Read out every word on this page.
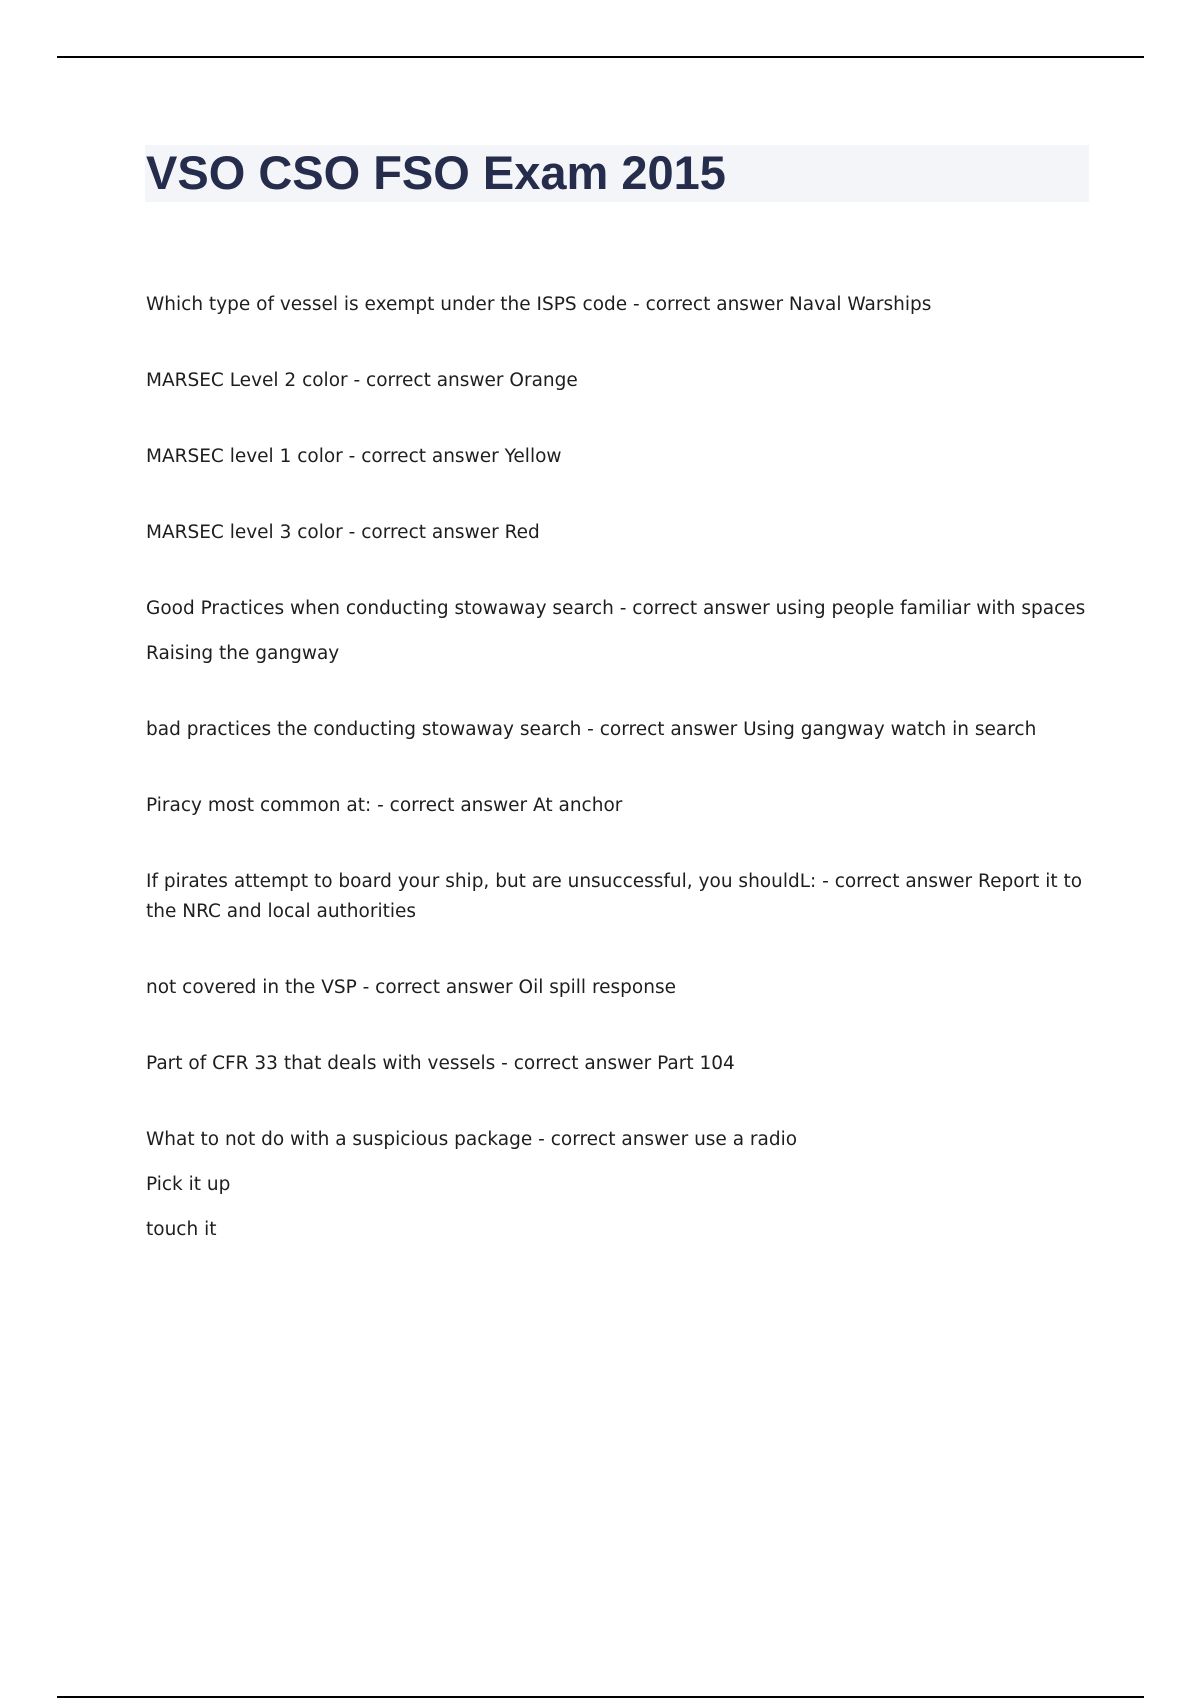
VSO CSO FSO Exam 2015

Which type of vessel is exempt under the ISPS code - correct answer Naval Warships

MARSEC Level 2 color - correct answer Orange

MARSEC level 1 color - correct answer Yellow

MARSEC level 3 color - correct answer Red

Good Practices when conducting stowaway search - correct answer using people familiar with spaces

Raising the gangway

bad practices the conducting stowaway search - correct answer Using gangway watch in search

Piracy most common at: - correct answer At anchor

If pirates attempt to board your ship, but are unsuccessful, you shouldL: - correct answer Report it to the NRC and local authorities

not covered in the VSP - correct answer Oil spill response

Part of CFR 33 that deals with vessels - correct answer Part 104

What to not do with a suspicious package - correct answer use a radio

Pick it up

touch it
